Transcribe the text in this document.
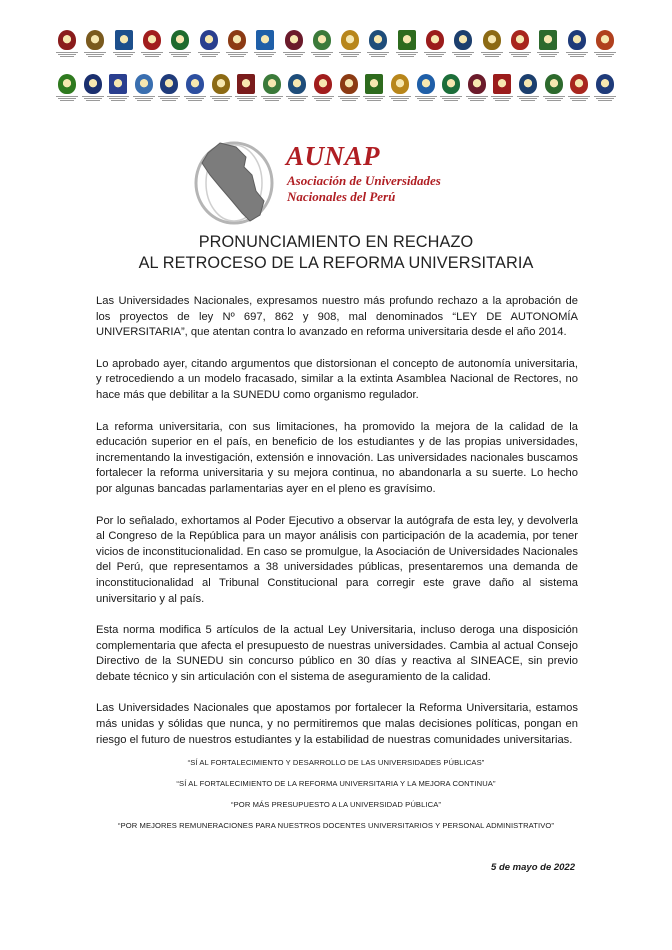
AUNAP
Asociación de Universidades
Nacionales del Perú
PRONUNCIAMIENTO EN RECHAZO
AL RETROCESO DE LA REFORMA UNIVERSITARIA

Las Universidades Nacionales, expresamos nuestro más profundo rechazo a la aprobación de los proyectos de ley Nº 697, 862 y 908, mal denominados “LEY DE AUTONOMÍA UNIVERSITARIA”, que atentan contra lo avanzado en reforma universitaria desde el año 2014.

Lo aprobado ayer, citando argumentos que distorsionan el concepto de autonomía universitaria, y retrocediendo a un modelo fracasado, similar a la extinta Asamblea Nacional de Rectores, no hace más que debilitar a la SUNEDU como organismo regulador.

La reforma universitaria, con sus limitaciones, ha promovido la mejora de la calidad de la educación superior en el país, en beneficio de los estudiantes y de las propias universidades, incrementando la investigación, extensión e innovación. Las universidades nacionales buscamos fortalecer la reforma universitaria y su mejora continua, no abandonarla a su suerte. Lo hecho por algunas bancadas parlamentarias ayer en el pleno es gravísimo.

Por lo señalado, exhortamos al Poder Ejecutivo a observar la autógrafa de esta ley, y devolverla al Congreso de la República para un mayor análisis con participación de la academia, por tener vicios de inconstitucionalidad. En caso se promulgue, la Asociación de Universidades Nacionales del Perú, que representamos a 38 universidades públicas, presentaremos una demanda de inconstitucionalidad al Tribunal Constitucional para corregir este grave daño al sistema universitario y al país.

Esta norma modifica 5 artículos de la actual Ley Universitaria, incluso deroga una disposición complementaria que afecta el presupuesto de nuestras universidades. Cambia al actual Consejo Directivo de la SUNEDU sin concurso público en 30 días y reactiva al SINEACE, sin previo debate técnico y sin articulación con el sistema de aseguramiento de la calidad.

Las Universidades Nacionales que apostamos por fortalecer la Reforma Universitaria, estamos más unidas y sólidas que nunca, y no permitiremos que malas decisiones políticas, pongan en riesgo el futuro de nuestros estudiantes y la estabilidad de nuestras comunidades universitarias.

“SÍ AL FORTALECIMIENTO Y DESARROLLO DE LAS UNIVERSIDADES PÚBLICAS”

“SÍ AL FORTALECIMIENTO DE LA REFORMA UNIVERSITARIA Y LA MEJORA CONTINUA”

“POR MÁS PRESUPUESTO A LA UNIVERSIDAD PÚBLICA”

“POR MEJORES REMUNERACIONES PARA NUESTROS DOCENTES UNIVERSITARIOS Y PERSONAL ADMINISTRATIVO”

5 de mayo de 2022
